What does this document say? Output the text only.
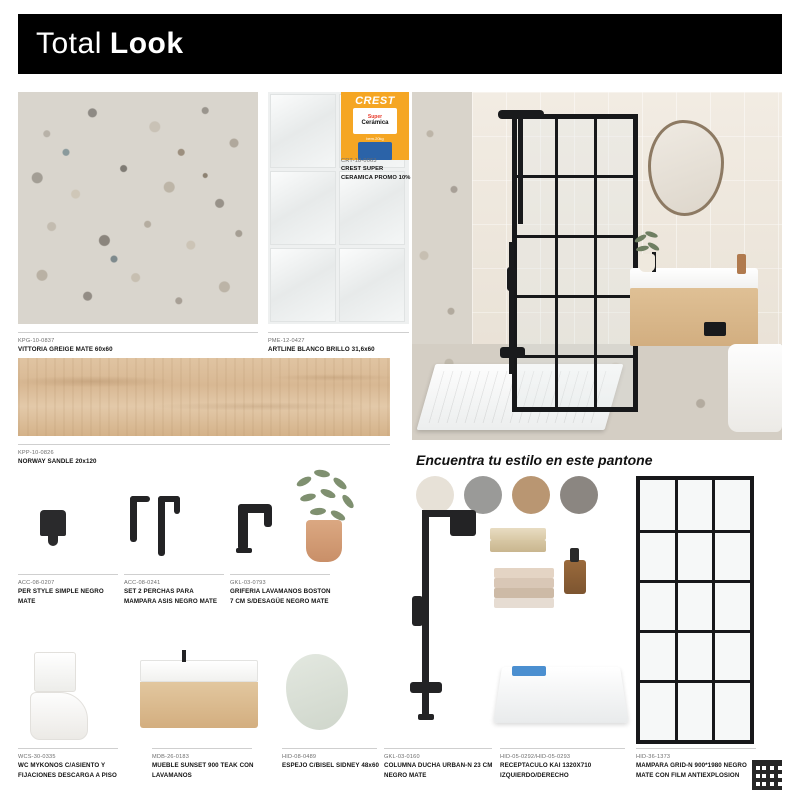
Total Look
KPG-10-0837
VITTORIA GREIGE MATE 60x60
CREST
Super
Cerámica
bem.20kg
PME-12-0427
ARTLINE BLANCO BRILLO 31,6x60
CRT-18-0063
CREST SUPER CERAMICA PROMO 10%
KPP-10-0826
NORWAY SANDLE 20x120	Encuentra tu estilo en este pantone
ACC-08-0207
PER STYLE SIMPLE NEGRO MATE
ACC-08-0241
SET 2 PERCHAS PARA MAMPARA ASIS NEGRO MATE
GKL-03-0793
GRIFERIA LAVAMANOS BOSTON 7 CM S/DESAGÜE NEGRO MATE
GKL-03-0160
COLUMNA DUCHA URBAN-N 23 CM NEGRO MATE
HID-36-1373
MAMPARA GRID-N 900*1980 NEGRO MATE CON FILM ANTIEXPLOSION
WCS-30-0335
WC MYKONOS C/ASIENTO Y FIJACIONES DESCARGA A PISO
MDB-26-0183
MUEBLE SUNSET 900 TEAK CON LAVAMANOS
HID-08-0489
ESPEJO C/BISEL SIDNEY 48x60
HID-05-0292/HID-05-0293
RECEPTACULO KAI 1320X710 IZQUIERDO/DERECHO
